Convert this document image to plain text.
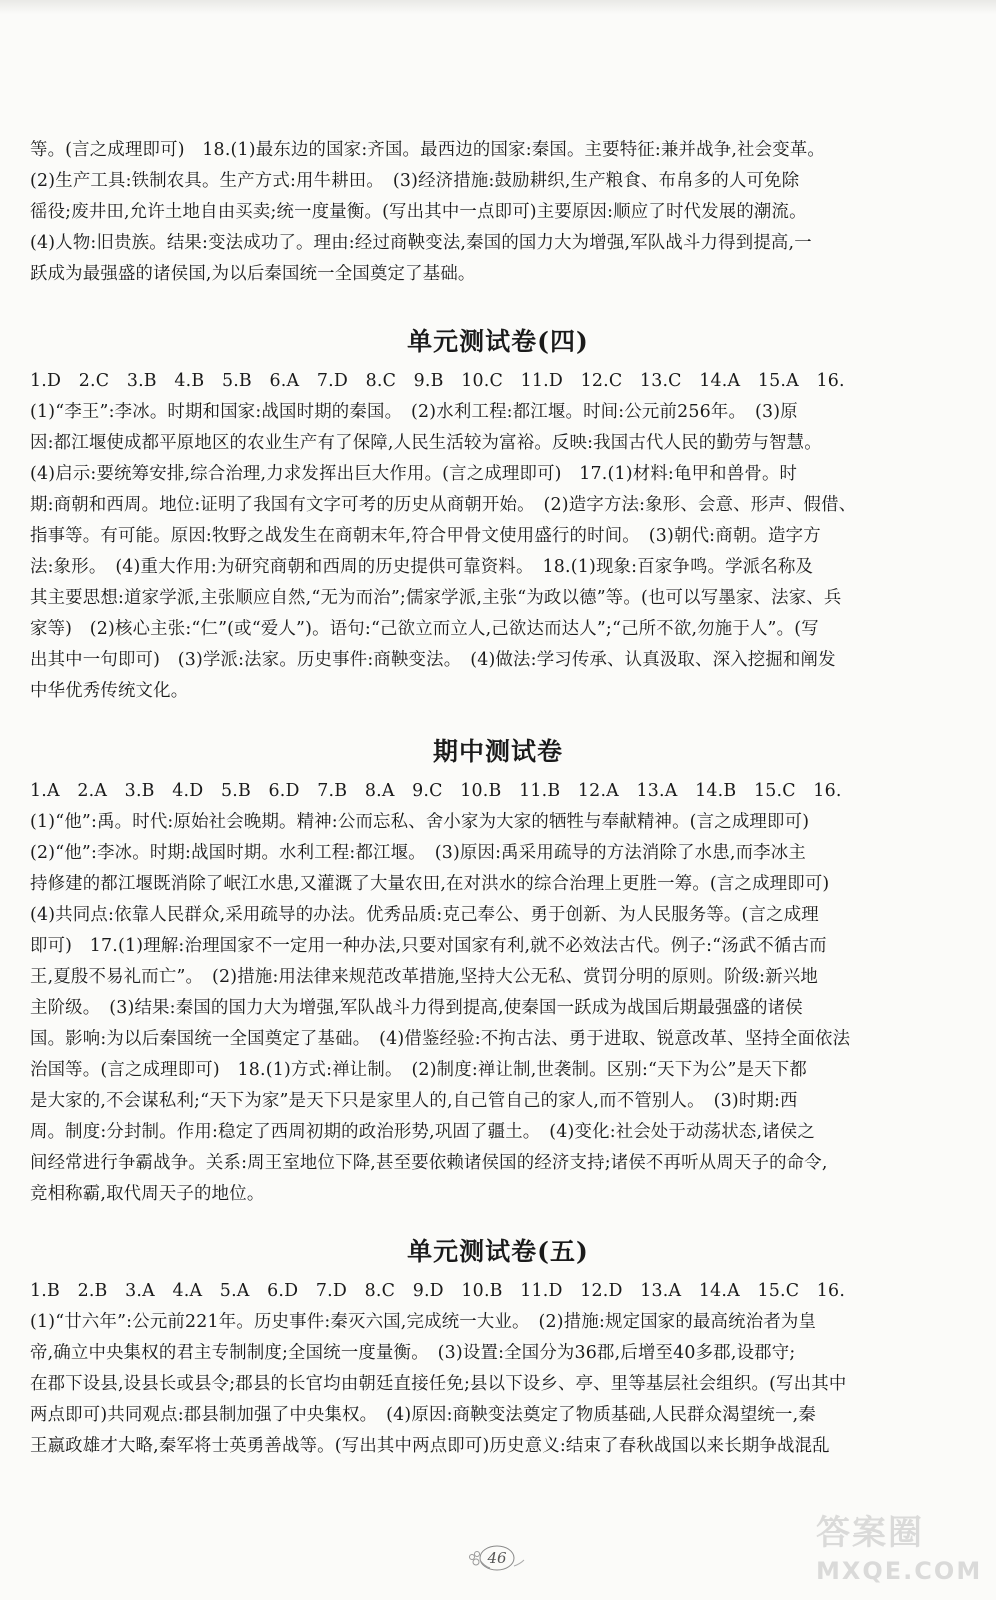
等。(言之成理即可)　18.(1)最东边的国家:齐国。最西边的国家:秦国。主要特征:兼并战争,社会变革。
(2)生产工具:铁制农具。生产方式:用牛耕田。　(3)经济措施:鼓励耕织,生产粮食、布帛多的人可免除
徭役;废井田,允许土地自由买卖;统一度量衡。(写出其中一点即可)主要原因:顺应了时代发展的潮流。
(4)人物:旧贵族。结果:变法成功了。理由:经过商鞅变法,秦国的国力大为增强,军队战斗力得到提高,一
跃成为最强盛的诸侯国,为以后秦国统一全国奠定了基础。
单元测试卷(四)
1.D　2.C　3.B　4.B　5.B　6.A　7.D　8.C　9.B　10.C　11.D　12.C　13.C　14.A　15.A　16.
(1)“李王”:李冰。时期和国家:战国时期的秦国。　(2)水利工程:都江堰。时间:公元前256年。　(3)原
因:都江堰使成都平原地区的农业生产有了保障,人民生活较为富裕。反映:我国古代人民的勤劳与智慧。
(4)启示:要统筹安排,综合治理,力求发挥出巨大作用。(言之成理即可)　17.(1)材料:龟甲和兽骨。时
期:商朝和西周。地位:证明了我国有文字可考的历史从商朝开始。　(2)造字方法:象形、会意、形声、假借、
指事等。有可能。原因:牧野之战发生在商朝末年,符合甲骨文使用盛行的时间。　(3)朝代:商朝。造字方
法:象形。　(4)重大作用:为研究商朝和西周的历史提供可靠资料。　18.(1)现象:百家争鸣。学派名称及
其主要思想:道家学派,主张顺应自然,“无为而治”;儒家学派,主张“为政以德”等。(也可以写墨家、法家、兵
家等)　(2)核心主张:“仁”(或“爱人”)。语句:“己欲立而立人,己欲达而达人”;“己所不欲,勿施于人”。(写
出其中一句即可)　(3)学派:法家。历史事件:商鞅变法。　(4)做法:学习传承、认真汲取、深入挖掘和阐发
中华优秀传统文化。
期中测试卷
1.A　2.A　3.B　4.D　5.B　6.D　7.B　8.A　9.C　10.B　11.B　12.A　13.A　14.B　15.C　16.
(1)“他”:禹。时代:原始社会晚期。精神:公而忘私、舍小家为大家的牺牲与奉献精神。(言之成理即可)
(2)“他”:李冰。时期:战国时期。水利工程:都江堰。　(3)原因:禹采用疏导的方法消除了水患,而李冰主
持修建的都江堰既消除了岷江水患,又灌溉了大量农田,在对洪水的综合治理上更胜一筹。(言之成理即可)
(4)共同点:依靠人民群众,采用疏导的办法。优秀品质:克己奉公、勇于创新、为人民服务等。(言之成理
即可)　17.(1)理解:治理国家不一定用一种办法,只要对国家有利,就不必效法古代。例子:“汤武不循古而
王,夏殷不易礼而亡”。　(2)措施:用法律来规范改革措施,坚持大公无私、赏罚分明的原则。阶级:新兴地
主阶级。　(3)结果:秦国的国力大为增强,军队战斗力得到提高,使秦国一跃成为战国后期最强盛的诸侯
国。影响:为以后秦国统一全国奠定了基础。　(4)借鉴经验:不拘古法、勇于进取、锐意改革、坚持全面依法
治国等。(言之成理即可)　18.(1)方式:禅让制。　(2)制度:禅让制,世袭制。区别:“天下为公”是天下都
是大家的,不会谋私利;“天下为家”是天下只是家里人的,自己管自己的家人,而不管别人。　(3)时期:西
周。制度:分封制。作用:稳定了西周初期的政治形势,巩固了疆土。　(4)变化:社会处于动荡状态,诸侯之
间经常进行争霸战争。关系:周王室地位下降,甚至要依赖诸侯国的经济支持;诸侯不再听从周天子的命令,
竞相称霸,取代周天子的地位。
单元测试卷(五)
1.B　2.B　3.A　4.A　5.A　6.D　7.D　8.C　9.D　10.B　11.D　12.D　13.A　14.A　15.C　16.
(1)“廿六年”:公元前221年。历史事件:秦灭六国,完成统一大业。　(2)措施:规定国家的最高统治者为皇
帝,确立中央集权的君主专制制度;全国统一度量衡。　(3)设置:全国分为36郡,后增至40多郡,设郡守;
在郡下设县,设县长或县令;郡县的长官均由朝廷直接任免;县以下设乡、亭、里等基层社会组织。(写出其中
两点即可)共同观点:郡县制加强了中央集权。　(4)原因:商鞅变法奠定了物质基础,人民群众渴望统一,秦
王嬴政雄才大略,秦军将士英勇善战等。(写出其中两点即可)历史意义:结束了春秋战国以来长期争战混乱
46
答案圈
MXQE.COM
